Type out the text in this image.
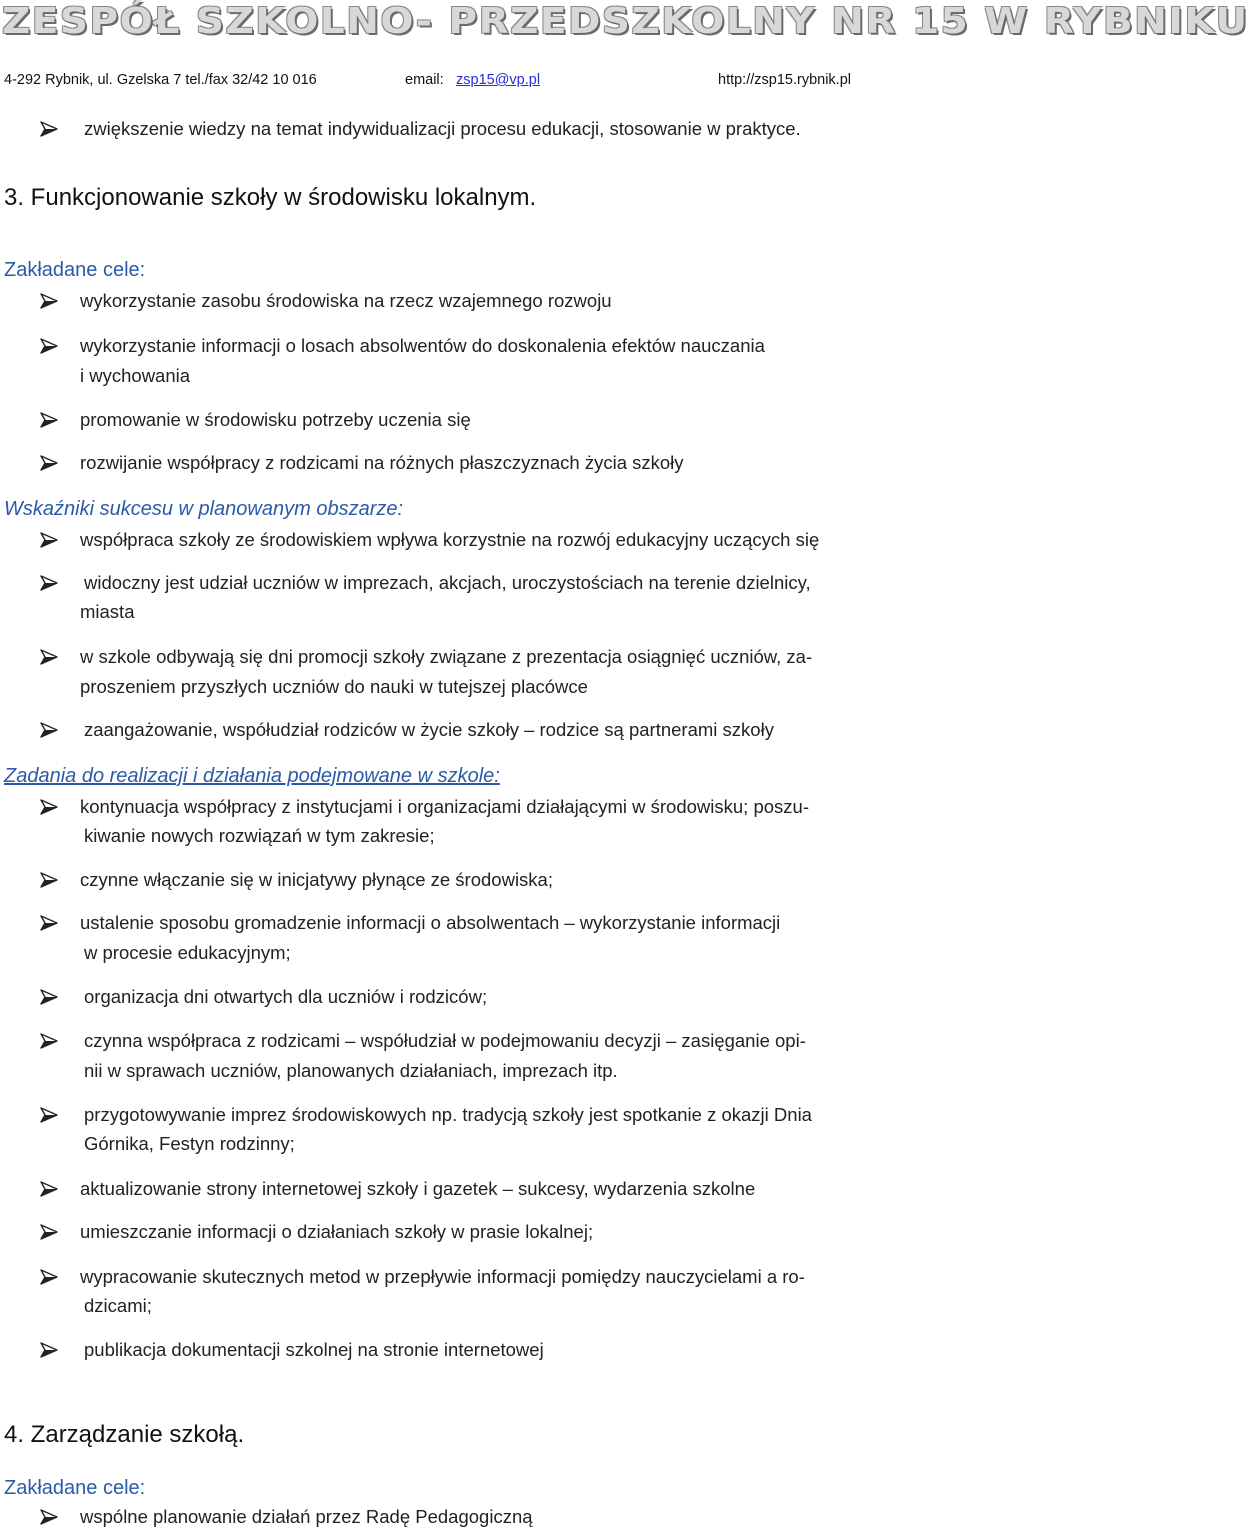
ZESPÓŁ SZKOLNO- PRZEDSZKOLNY NR 15 W RYBNIKU
4-292 Rybnik, ul. Gzelska 7 tel./fax 32/42 10 016	email: zsp15@vp.pl	http://zsp15.rybnik.pl
zwiększenie wiedzy na temat indywidualizacji procesu edukacji, stosowanie w praktyce.
3. Funkcjonowanie szkoły w środowisku lokalnym.
Zakładane cele:
wykorzystanie zasobu środowiska na rzecz wzajemnego rozwoju
wykorzystanie informacji o losach absolwentów do doskonalenia efektów nauczania
i wychowania
promowanie w środowisku potrzeby uczenia się
rozwijanie współpracy z rodzicami na różnych płaszczyznach życia szkoły
Wskaźniki sukcesu w planowanym obszarze:
współpraca szkoły ze środowiskiem wpływa korzystnie na rozwój edukacyjny uczących się
widoczny jest udział uczniów w imprezach, akcjach, uroczystościach na terenie dzielnicy,
miasta
w szkole odbywają się dni promocji szkoły związane z prezentacja osiągnięć uczniów, za-
proszeniem przyszłych uczniów do nauki w tutejszej placówce
zaangażowanie, współudział rodziców w życie szkoły – rodzice są partnerami szkoły
Zadania do realizacji i działania podejmowane w szkole:
kontynuacja współpracy z instytucjami i organizacjami działającymi w środowisku; poszu-
kiwanie nowych rozwiązań w tym zakresie;
czynne włączanie się w inicjatywy płynące ze środowiska;
ustalenie sposobu gromadzenie informacji o absolwentach – wykorzystanie informacji
w procesie edukacyjnym;
organizacja dni otwartych dla uczniów i rodziców;
czynna współpraca z rodzicami – współudział w podejmowaniu decyzji – zasięganie opi-
nii w sprawach uczniów, planowanych działaniach, imprezach itp.
przygotowywanie imprez środowiskowych np. tradycją szkoły jest spotkanie z okazji Dnia
Górnika, Festyn rodzinny;
aktualizowanie strony internetowej szkoły i gazetek – sukcesy, wydarzenia szkolne
umieszczanie informacji o działaniach szkoły w prasie lokalnej;
wypracowanie skutecznych metod w przepływie informacji pomiędzy nauczycielami a ro-
dzicami;
publikacja dokumentacji szkolnej na stronie internetowej
4. Zarządzanie szkołą.
Zakładane cele:
wspólne planowanie działań przez Radę Pedagogiczną
